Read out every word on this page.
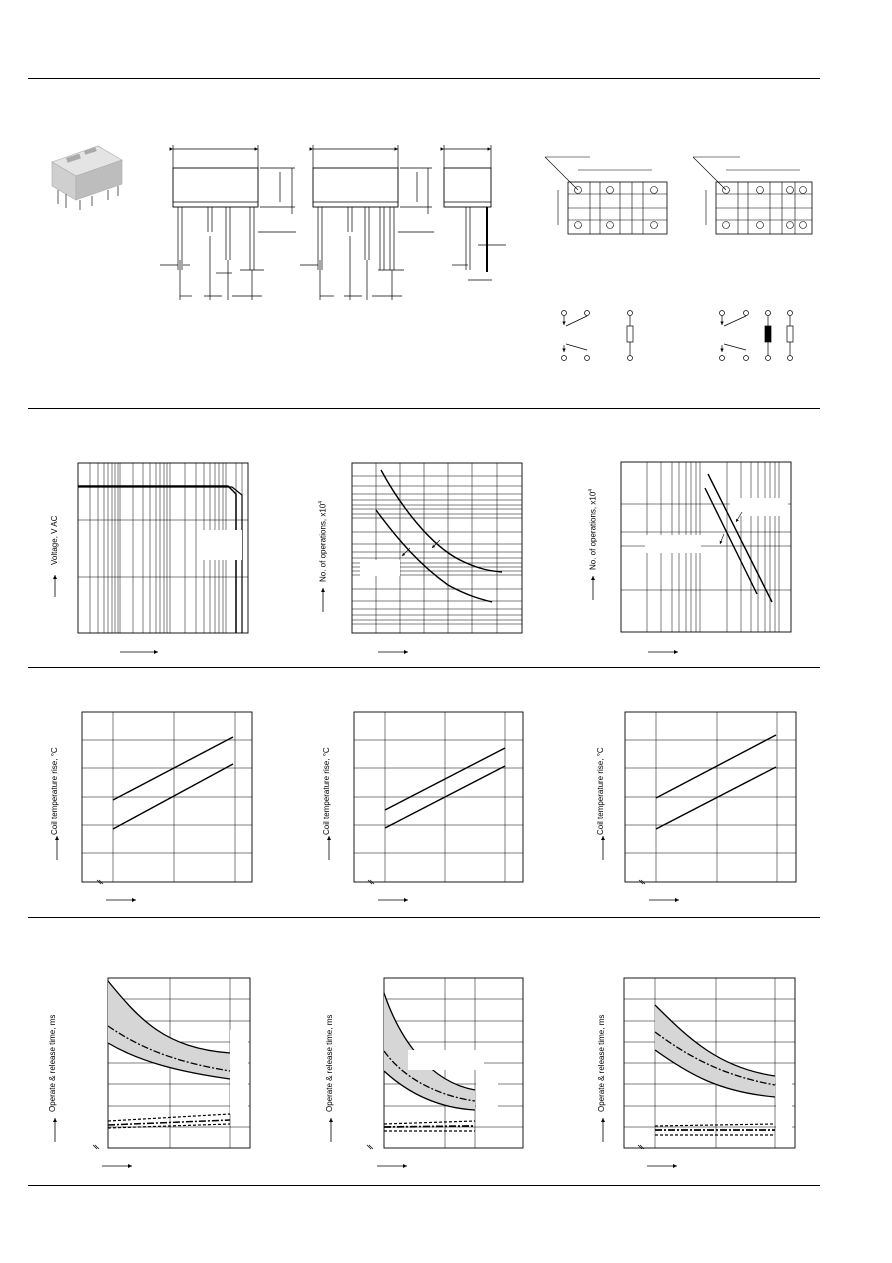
Voltage, V AC	No. of operations, $x10^4$	No. of operations, $x10^4$
Coil temperature rise, °C	Coil temperature rise, °C	Coil temperature rise, °C
Operate & release time, ms	Operate & release time, ms	Operate & release time, ms
